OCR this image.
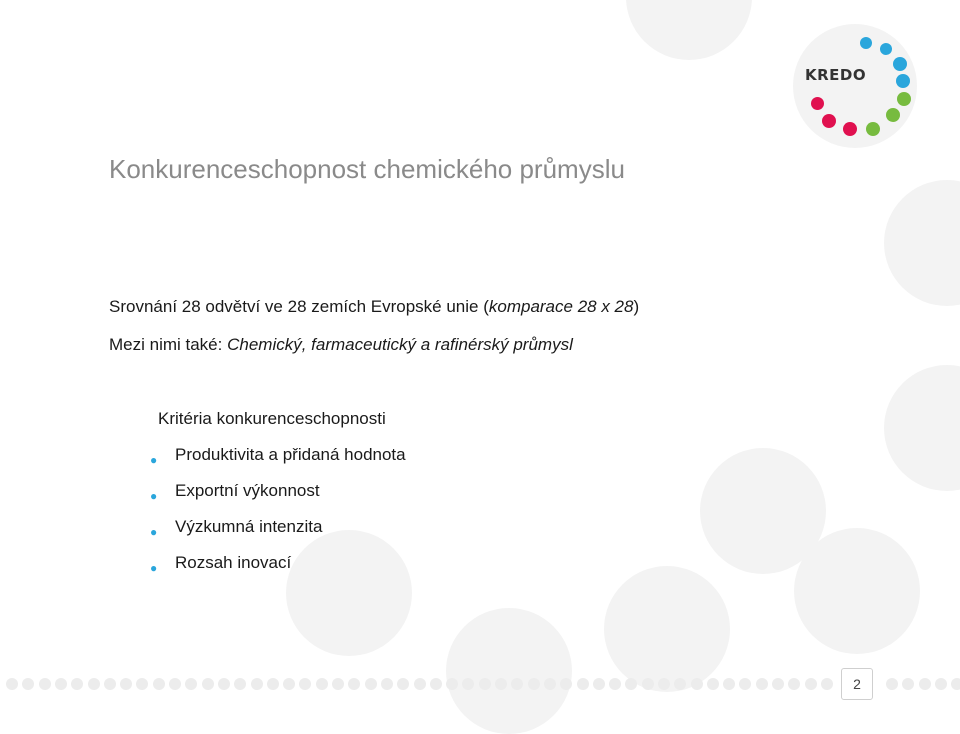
KREDO
Konkurenceschopnost chemického průmyslu
Srovnání 28 odvětví ve 28 zemích Evropské unie (komparace 28 x 28)
Mezi nimi také: Chemický, farmaceutický a rafinérský průmysl
Kritéria konkurenceschopnosti
● Produktivita a přidaná hodnota
● Exportní výkonnost
● Výzkumná intenzita
● Rozsah inovací
2
